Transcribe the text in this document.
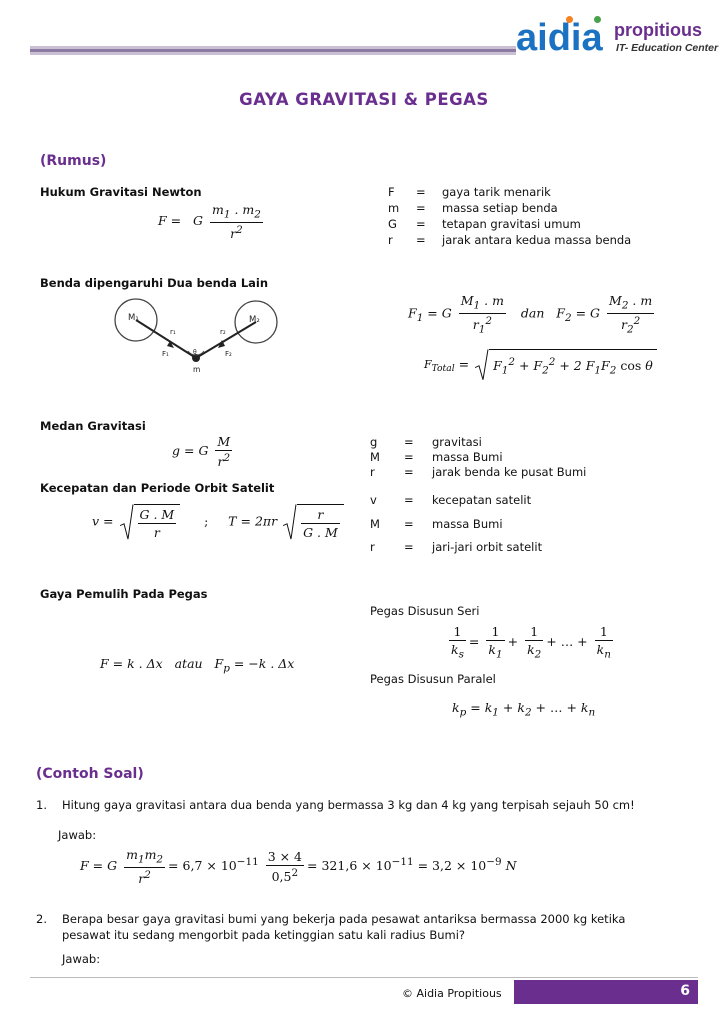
aidia propitious
IT- Education Center
GAYA GRAVITASI & PEGAS
(Rumus)
Hukum Gravitasi Newton
F =   G $\frac{m_1 . m_2}{r^2}$
F = gaya tarik menarik
m = massa setiap benda
G = tetapan gravitasi umum
r = jarak antara kedua massa benda
Benda dipengaruhi Dua benda Lain
M₁	M₂
r₁	r₂
F₁	F₂
θ
m
$F_1 = G \frac{M_1 . m}{r_1^2}$ dan   $F_2 = G \frac{M_2 . m}{r_2^2}$
$F_{Total} = F_1^2 + F_2^2 + 2$ $F_1F_2$ cos θ
Medan Gravitasi
g = G $\frac{M}{r^2}$	g = gravitasi
M = massa Bumi
r	= jarak benda ke pusat Bumi
Kecepatan dan Periode Orbit Satelit
$v = \frac{G . M}{r}$ ;     $T = 2\pi r \frac{r}{G . M}$
v = kecepatan satelit
M = massa Bumi
r	= jari-jari orbit satelit
Gaya Pemulih Pada Pegas
F = k . Δx   atau   $F_p = -k$ . Δx
Pegas Disusun Seri
$\frac{1}{k_s} = \frac{1}{k_1} + \frac{1}{k_2}$ + … + $\frac{1}{k_n}$
Pegas Disusun Paralel
$k_p = k_1 + k_2$ + … + $k_n$
(Contoh Soal)
1. Hitung gaya gravitasi antara dua benda yang bermassa 3 kg dan 4 kg yang terpisah sejauh 50 cm!
Jawab:
F = G $\frac{m_1m_2}{r^2} = 6,7 \times 10^{-11} \frac{3 \times 4}{0,5^2} = 321,6 \times 10^{-11} = 3,2 \times 10^{-9}$ N
2. Berapa besar gaya gravitasi bumi yang bekerja pada pesawat antariksa bermassa 2000 kg ketika
pesawat itu sedang mengorbit pada ketinggian satu kali radius Bumi?
Jawab:
© Aidia Propitious	6
